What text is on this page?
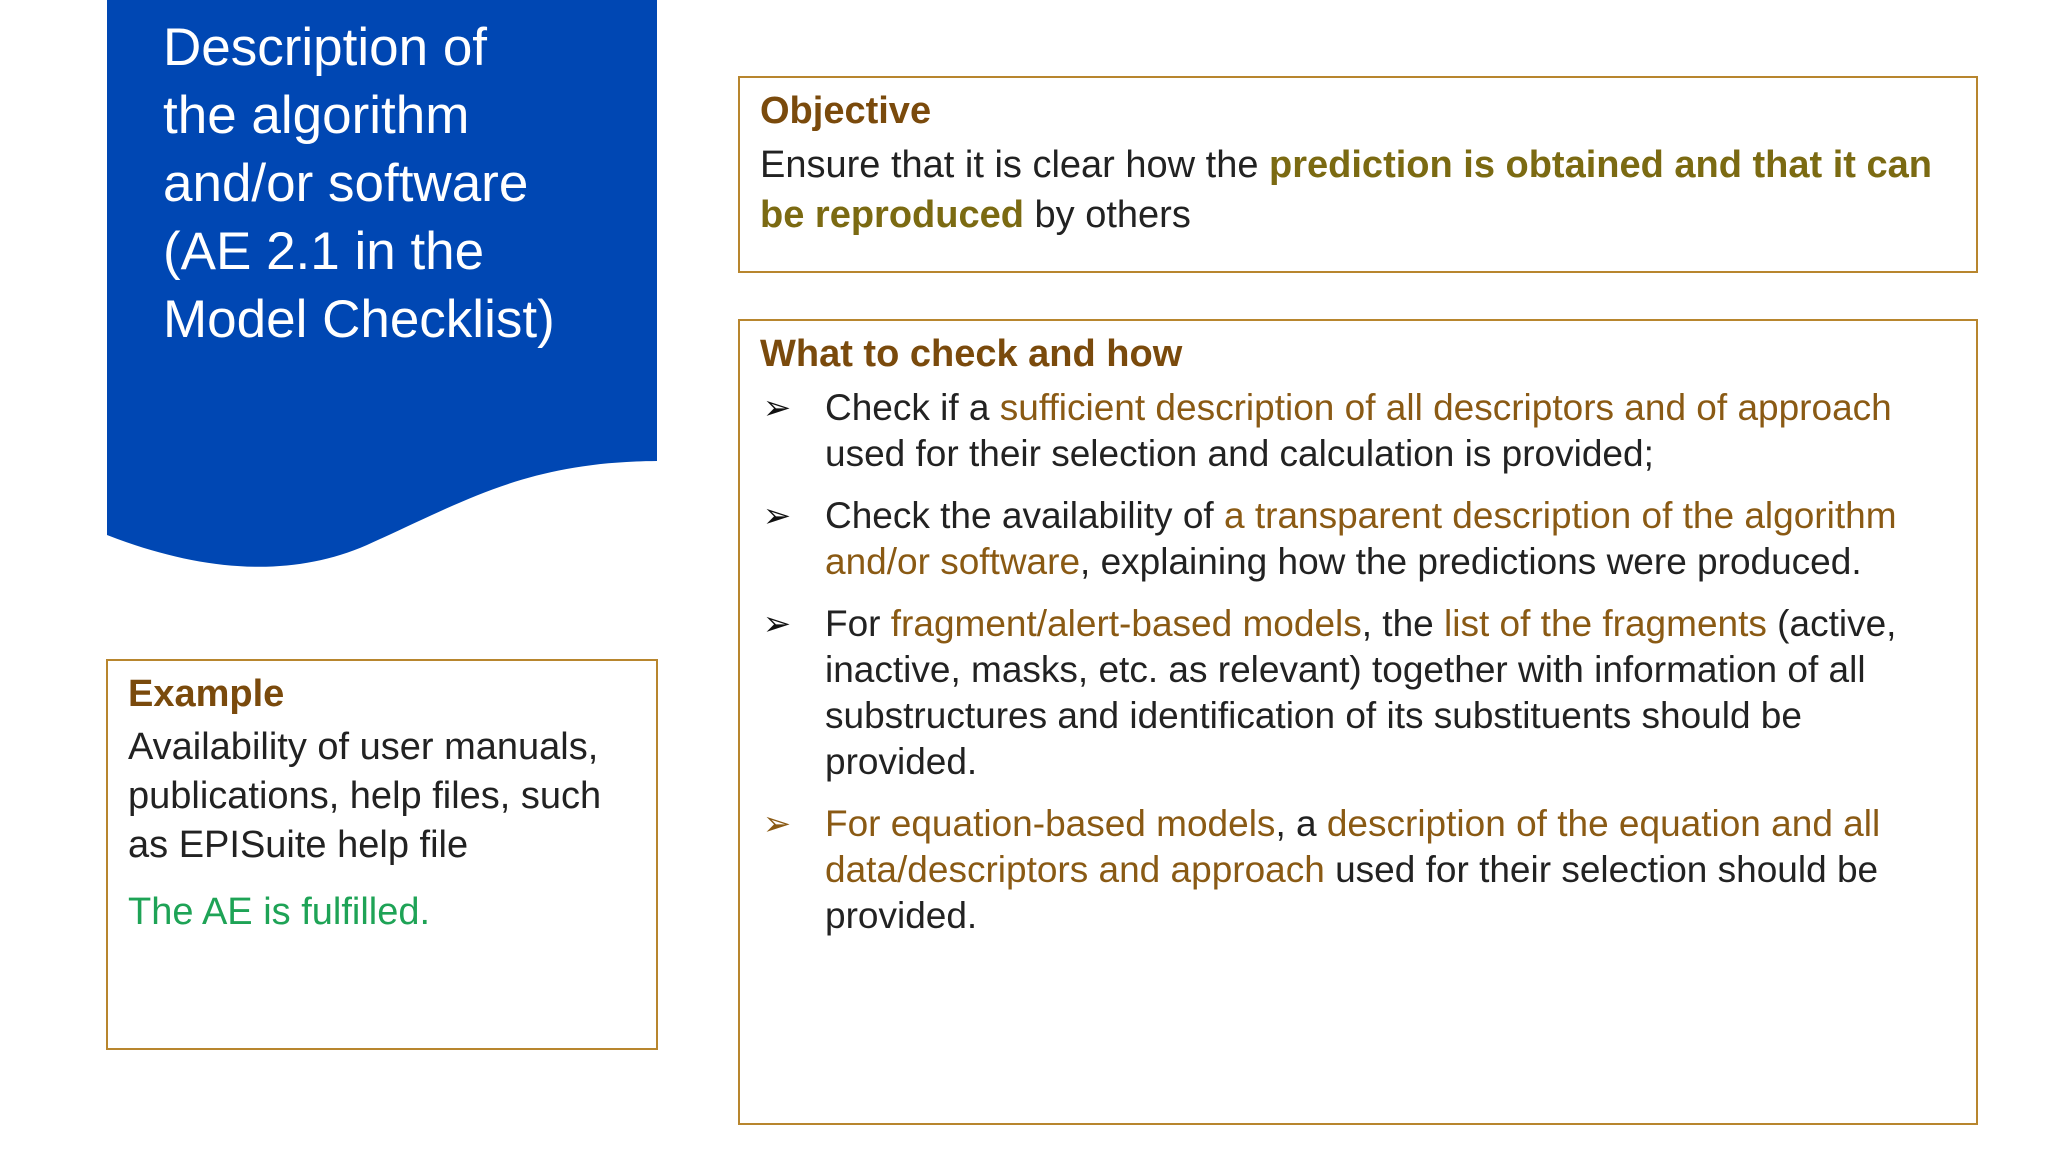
Description of
the algorithm
and/or software
(AE 2.1 in the
Model Checklist)
Objective

Ensure that it is clear how the prediction is obtained and that it can be reproduced by others

What to check and how
➢ Check if a sufficient description of all descriptors and of approach used for their selection and calculation is provided;
➢ Check the availability of a transparent description of the algorithm and/or software, explaining how the predictions were produced.
➢ For fragment/alert-based models, the list of the fragments (active, inactive, masks, etc. as relevant) together with information of all substructures and identification of its substituents should be provided.
➢ For equation-based models, a description of the equation and all data/descriptors and approach used for their selection should be provided.
Example

Availability of user manuals, publications, help files, such as EPISuite help file

The AE is fulfilled.
